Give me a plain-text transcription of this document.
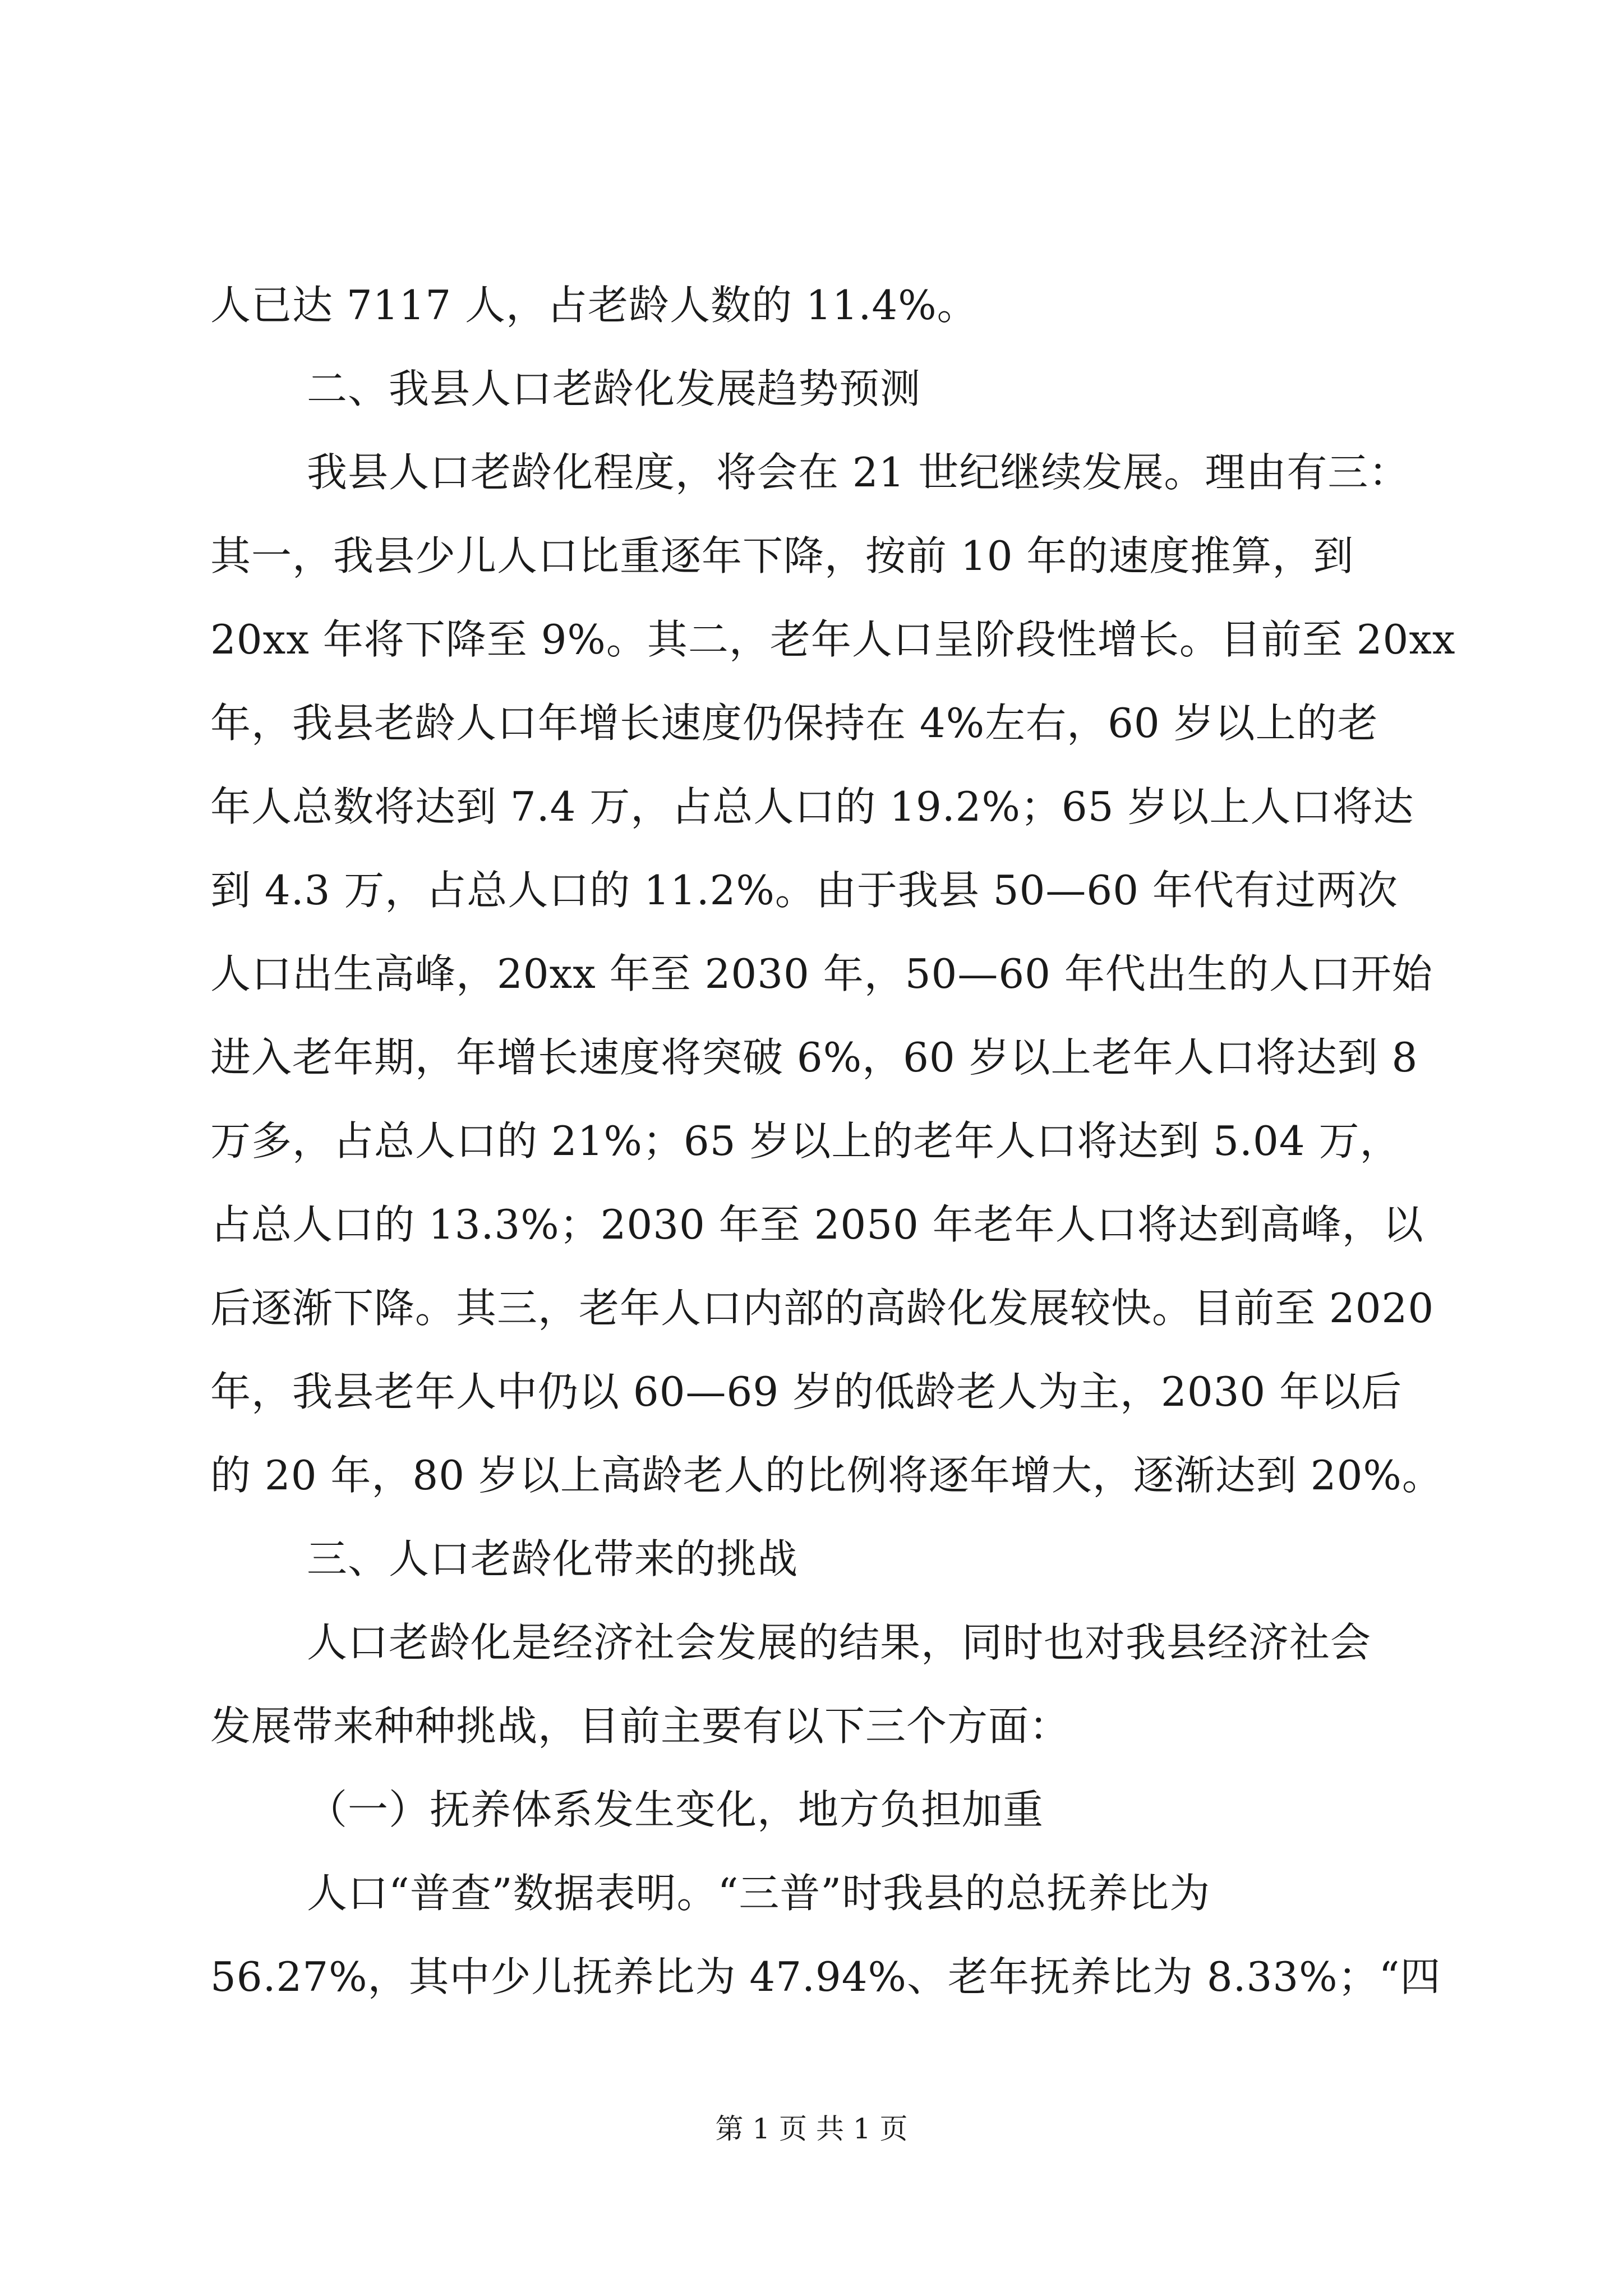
人已达 7117 人，占老龄人数的 11.4%。
二、我县人口老龄化发展趋势预测
我县人口老龄化程度，将会在 21 世纪继续发展。理由有三：
其一，我县少儿人口比重逐年下降，按前 10 年的速度推算，到
20xx 年将下降至 9%。其二，老年人口呈阶段性增长。目前至 20xx
年，我县老龄人口年增长速度仍保持在 4%左右，60 岁以上的老
年人总数将达到 7.4 万，占总人口的 19.2%；65 岁以上人口将达
到 4.3 万，占总人口的 11.2%。由于我县 50—60 年代有过两次
人口出生高峰，20xx 年至 2030 年，50—60 年代出生的人口开始
进入老年期，年增长速度将突破 6%，60 岁以上老年人口将达到 8
万多，占总人口的 21%；65 岁以上的老年人口将达到 5.04 万，
占总人口的 13.3%；2030 年至 2050 年老年人口将达到高峰，以
后逐渐下降。其三，老年人口内部的高龄化发展较快。目前至 2020
年，我县老年人中仍以 60—69 岁的低龄老人为主，2030 年以后
的 20 年，80 岁以上高龄老人的比例将逐年增大，逐渐达到 20%。
三、人口老龄化带来的挑战
人口老龄化是经济社会发展的结果，同时也对我县经济社会
发展带来种种挑战，目前主要有以下三个方面：
（一）抚养体系发生变化，地方负担加重
人口“普查”数据表明。“三普”时我县的总抚养比为
56.27%，其中少儿抚养比为 47.94%、老年抚养比为 8.33%；“四
第 1 页 共 1 页
